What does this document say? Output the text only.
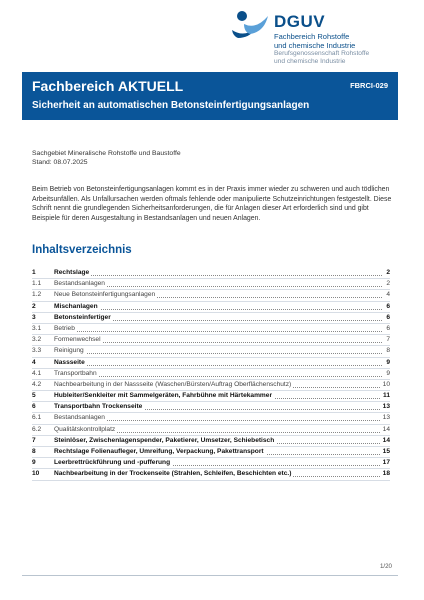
DGUV
Fachbereich Rohstoffe
und chemische Industrie
Berufsgenossenschaft Rohstoffe
und chemische Industrie
Fachbereich AKTUELL	FBRCI-029
Sicherheit an automatischen Betonsteinfertigungsanlagen
Sachgebiet Mineralische Rohstoffe und Baustoffe
Stand: 08.07.2025
Beim Betrieb von Betonsteinfertigungsanlagen kommt es in der Praxis immer wieder zu schweren und auch tödlichen Arbeitsunfällen. Als Unfallursachen werden oftmals fehlende oder manipulierte Schutzeinrichtungen festgestellt. Diese Schrift nennt die grundlegenden Sicherheitsanforderungen, die für Anlagen dieser Art erforderlich sind und gibt Beispiele für deren Ausgestaltung in Bestandsanlagen und neuen Anlagen.
Inhaltsverzeichnis
1	Rechtslage	2
1.1 Bestandsanlagen	2
1.2 Neue Betonsteinfertigungsanlagen	4
2	Mischanlagen	6
3	Betonsteinfertiger	6
3.1 Betrieb	6
3.2 Formenwechsel	7
3.3 Reinigung	8
4	Nassseite	9
4.1 Transportbahn	9
4.2 Nachbearbeitung in der Nassseite (Waschen/Bürsten/Auftrag Oberflächenschutz)	10
5	Hubleiter/Senkleiter mit Sammelgeräten, Fahrbühne mit Härtekammer	11
6	Transportbahn Trockenseite	13
6.1 Bestandsanlagen	13
6.2 Qualitätskontrollplatz	14
7	Steinlöser, Zwischenlagenspender, Paketierer, Umsetzer, Schiebetisch	14
8	Rechtslage Folienaufleger, Umreifung, Verpackung, Pakettransport	15
9	Leerbrettrückführung und -pufferung	17
10 Nachbearbeitung in der Trockenseite (Strahlen, Schleifen, Beschichten etc.)	18
1/20
